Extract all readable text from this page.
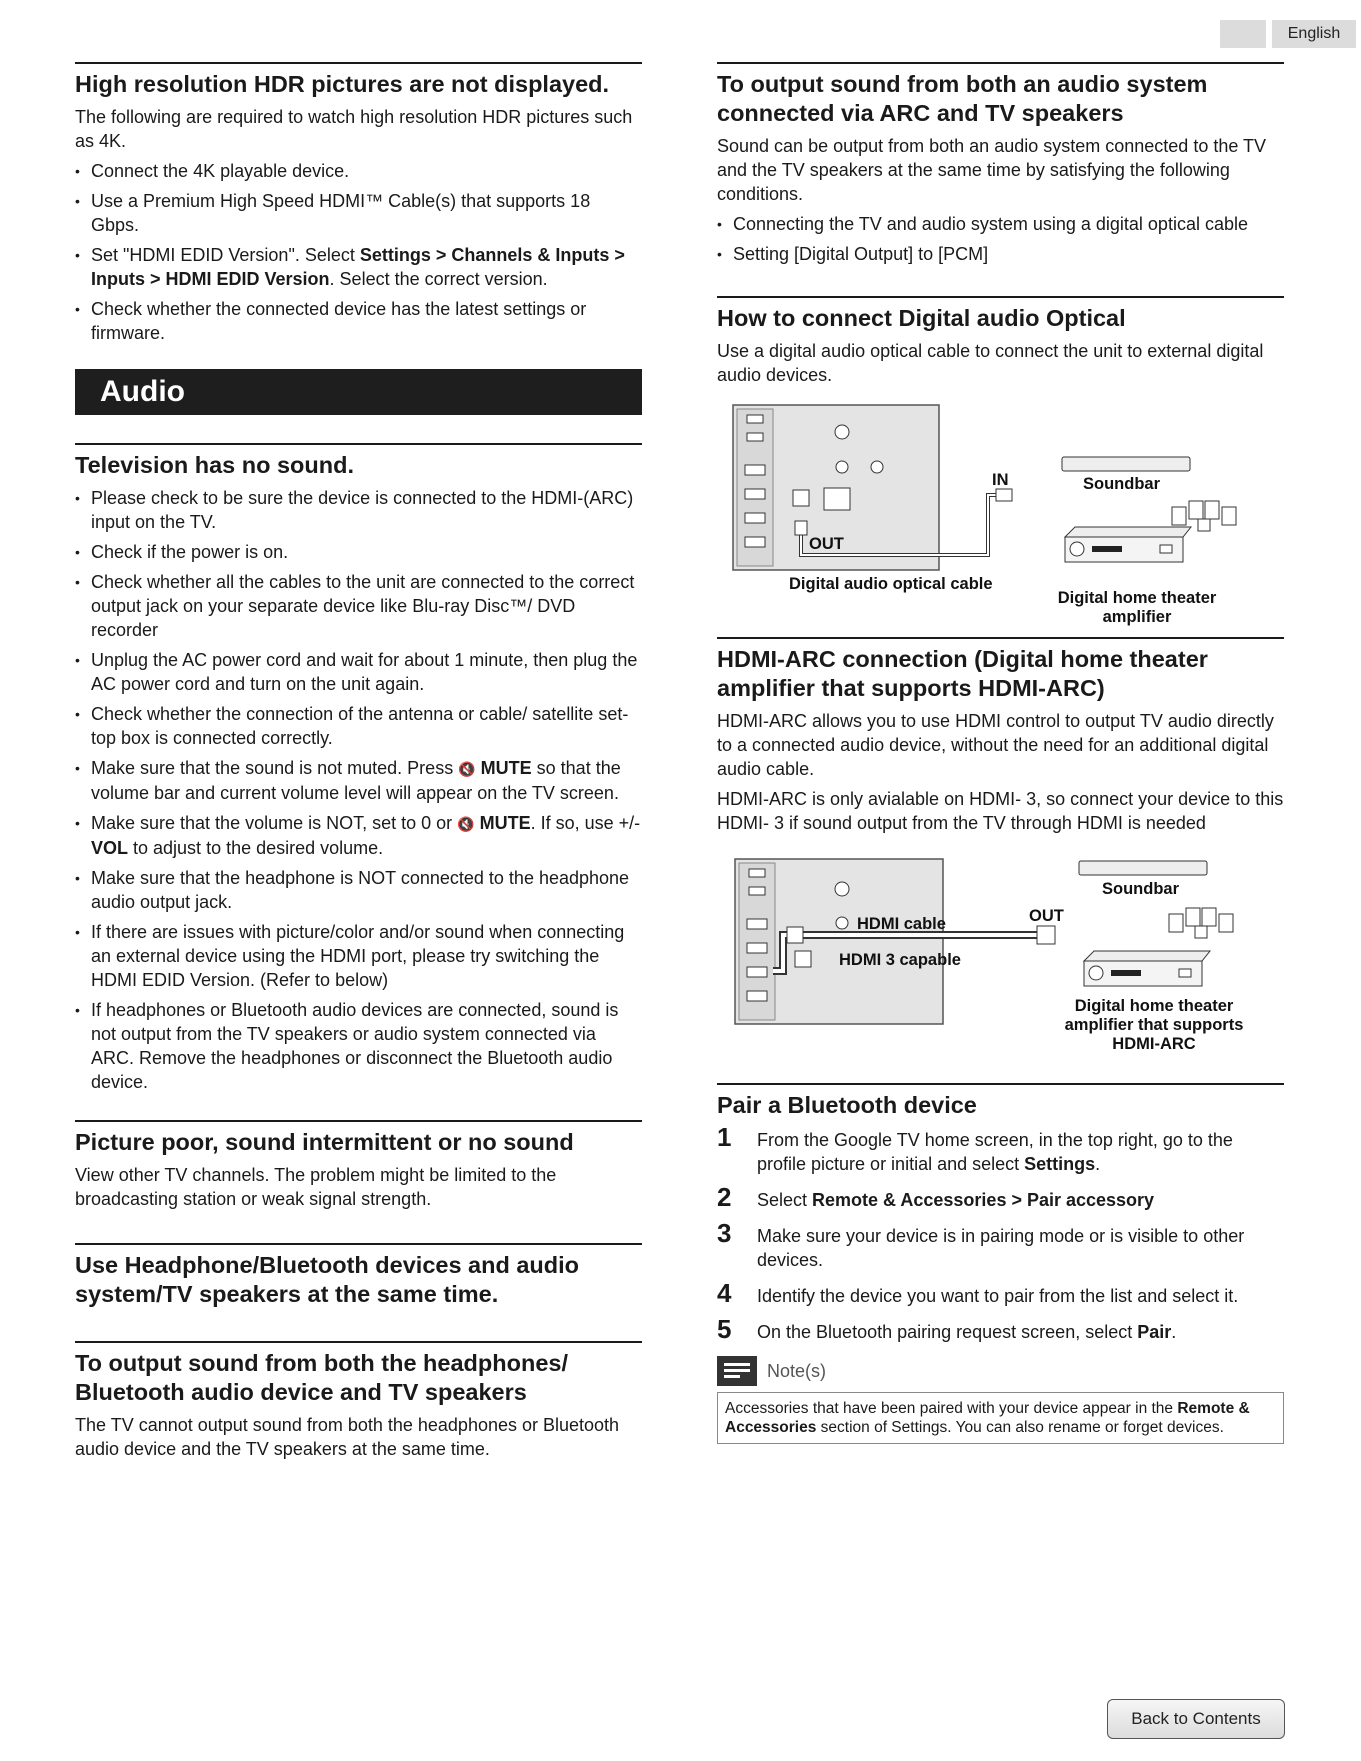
English
High resolution HDR pictures are not displayed.

The following are required to watch high resolution HDR pictures such as 4K.

• Connect the 4K playable device.
• Use a Premium High Speed HDMI™ Cable(s) that supports 18 Gbps.
• Set "HDMI EDID Version". Select Settings > Channels & Inputs > Inputs > HDMI EDID Version. Select the correct version.
• Check whether the connected device has the latest settings or firmware.
Audio
Television has no sound.
• Please check to be sure the device is connected to the HDMI-(ARC) input on the TV.
• Check if the power is on.
• Check whether all the cables to the unit are connected to the correct output jack on your separate device like Blu-ray Disc™/ DVD recorder
• Unplug the AC power cord and wait for about 1 minute, then plug the AC power cord and turn on the unit again.
• Check whether the connection of the antenna or cable/ satellite set-top box is connected correctly.
• Make sure that the sound is not muted. Press 🔇 MUTE so that the volume bar and current volume level will appear on the TV screen.
• Make sure that the volume is NOT, set to 0 or 🔇 MUTE. If so, use +/- VOL to adjust to the desired volume.
• Make sure that the headphone is NOT connected to the headphone audio output jack.
• If there are issues with picture/color and/or sound when connecting an external device using the HDMI port, please try switching the HDMI EDID Version. (Refer to below)
• If headphones or Bluetooth audio devices are connected, sound is not output from the TV speakers or audio system connected via ARC. Remove the headphones or disconnect the Bluetooth audio device.
Picture poor, sound intermittent or no sound

View other TV channels. The problem might be limited to the broadcasting station or weak signal strength.

Use Headphone/Bluetooth devices and audio system/TV speakers at the same time.
To output sound from both the headphones/ Bluetooth audio device and TV speakers

The TV cannot output sound from both the headphones or Bluetooth audio device and the TV speakers at the same time.

To output sound from both an audio system connected via ARC and TV speakers

Sound can be output from both an audio system connected to the TV and the TV speakers at the same time by satisfying the following conditions.

• Connecting the TV and audio system using a digital optical cable
• Setting [Digital Output] to [PCM]
How to connect Digital audio Optical

Use a digital audio optical cable to connect the unit to external digital audio devices.

OUT
Digital audio optical cable
IN	Soundbar
Digital home theater
amplifier
HDMI-ARC connection (Digital home theater amplifier that supports HDMI-ARC)

HDMI-ARC allows you to use HDMI control to output TV audio directly to a connected audio device, without the need for an additional digital audio cable.

HDMI-ARC is only avialable on HDMI- 3, so connect your device to this HDMI- 3 if sound output from the TV through HDMI is needed

HDMI cable
HDMI 3 capable
OUT
Soundbar
Digital home theater
amplifier that supports
HDMI-ARC
Pair a Bluetooth device
1 From the Google TV home screen, in the top right, go to the profile picture or initial and select Settings.
2 Select Remote & Accessories > Pair accessory
3 Make sure your device is in pairing mode or is visible to other devices.
4 Identify the device you want to pair from the list and select it.
5 On the Bluetooth pairing request screen, select Pair.
Note(s)
Accessories that have been paired with your device appear in the Remote & Accessories section of Settings. You can also rename or forget devices.
Back to Contents
